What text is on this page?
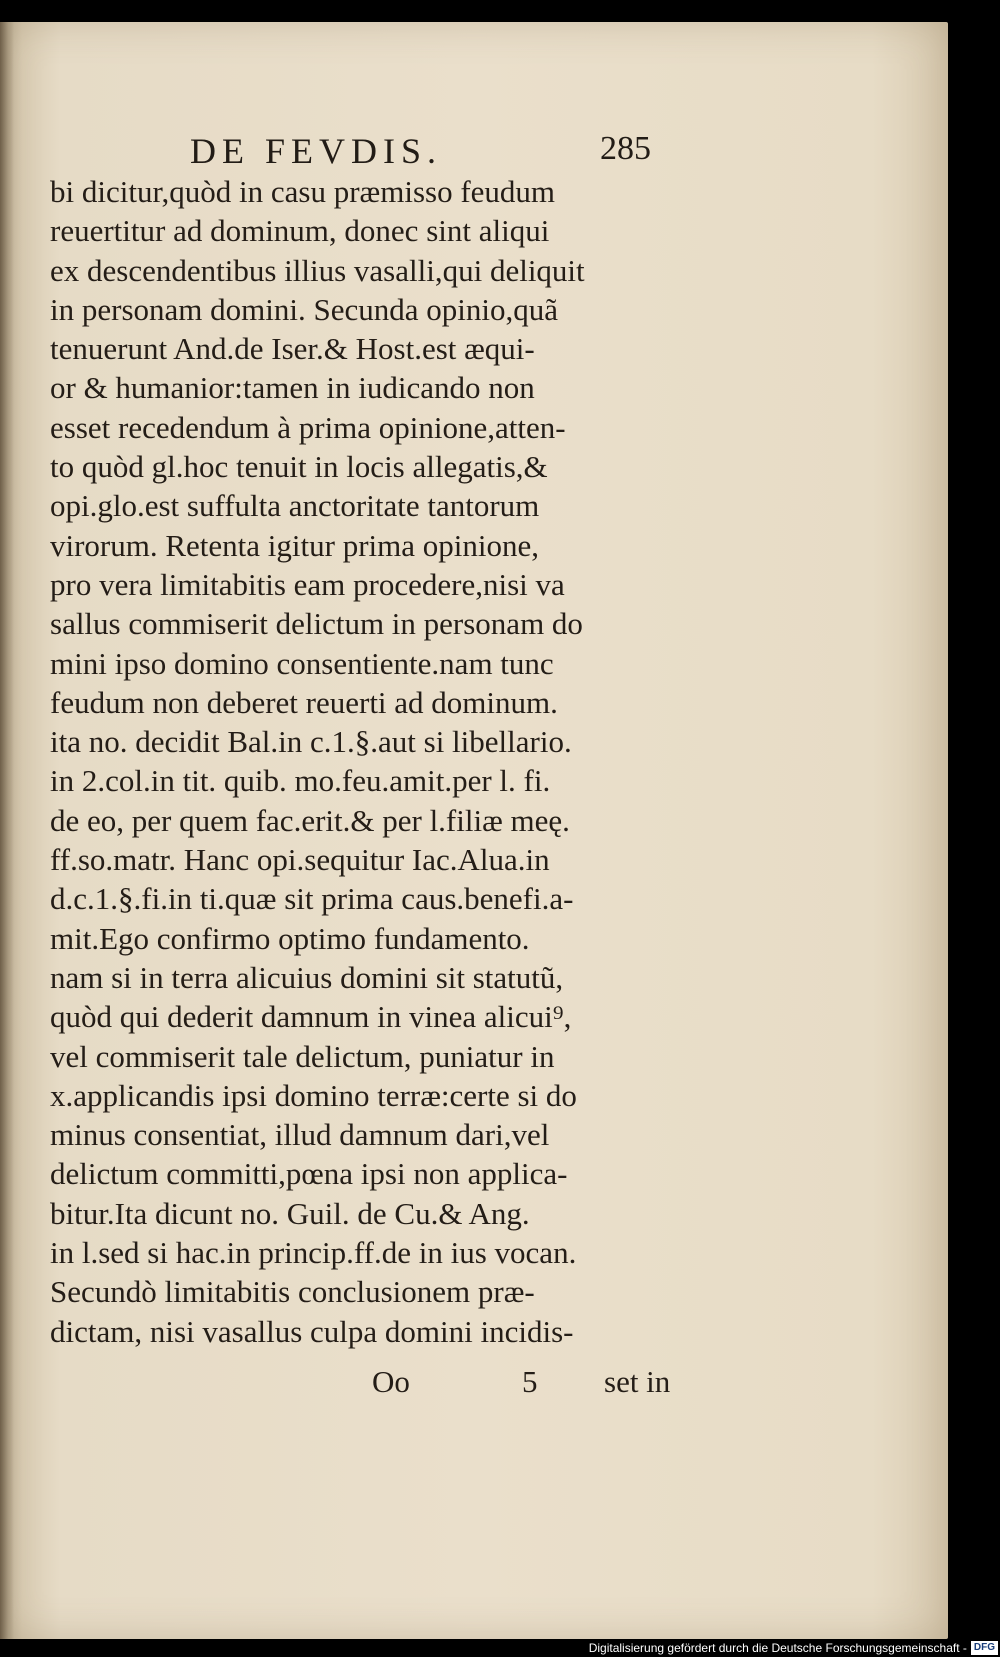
DE FEVDIS.	285
bi dicitur,quòd in casu præmisso feudum
reuertitur ad dominum, donec sint aliqui
ex descendentibus illius vasalli,qui deliquit
in personam domini. Secunda opinio,quã
tenuerunt And.de Iser.& Host.est æqui-
or & humanior:tamen in iudicando non
esset recedendum à prima opinione,atten-
to quòd gl.hoc tenuit in locis allegatis,&
opi.glo.est suffulta anctoritate tantorum
virorum. Retenta igitur prima opinione,
pro vera limitabitis eam procedere,nisi va
sallus commiserit delictum in personam do
mini ipso domino consentiente.nam tunc
feudum non deberet reuerti ad dominum.
ita no. decidit Bal.in c.1.§.aut si libellario.
in 2.col.in tit. quib. mo.feu.amit.per l. fi.
de eo, per quem fac.erit.& per l.filiæ meę.
ff.so.matr. Hanc opi.sequitur Iac.Alua.in
d.c.1.§.fi.in ti.quæ sit prima caus.benefi.a-
mit.Ego confirmo optimo fundamento.
nam si in terra alicuius domini sit statutũ,
quòd qui dederit damnum in vinea alicui⁹,
vel commiserit tale delictum, puniatur in
x.applicandis ipsi domino terræ:certe si do
minus consentiat, illud damnum dari,vel
delictum committi,pœna ipsi non applica-
bitur.Ita dicunt no. Guil. de Cu.& Ang.
in l.sed si hac.in princip.ff.de in ius vocan.
Secundò limitabitis conclusionem præ-
dictam, nisi vasallus culpa domini incidis-
Oo	5 set in
Digitalisierung gefördert durch die Deutsche Forschungsgemeinschaft - DFG
